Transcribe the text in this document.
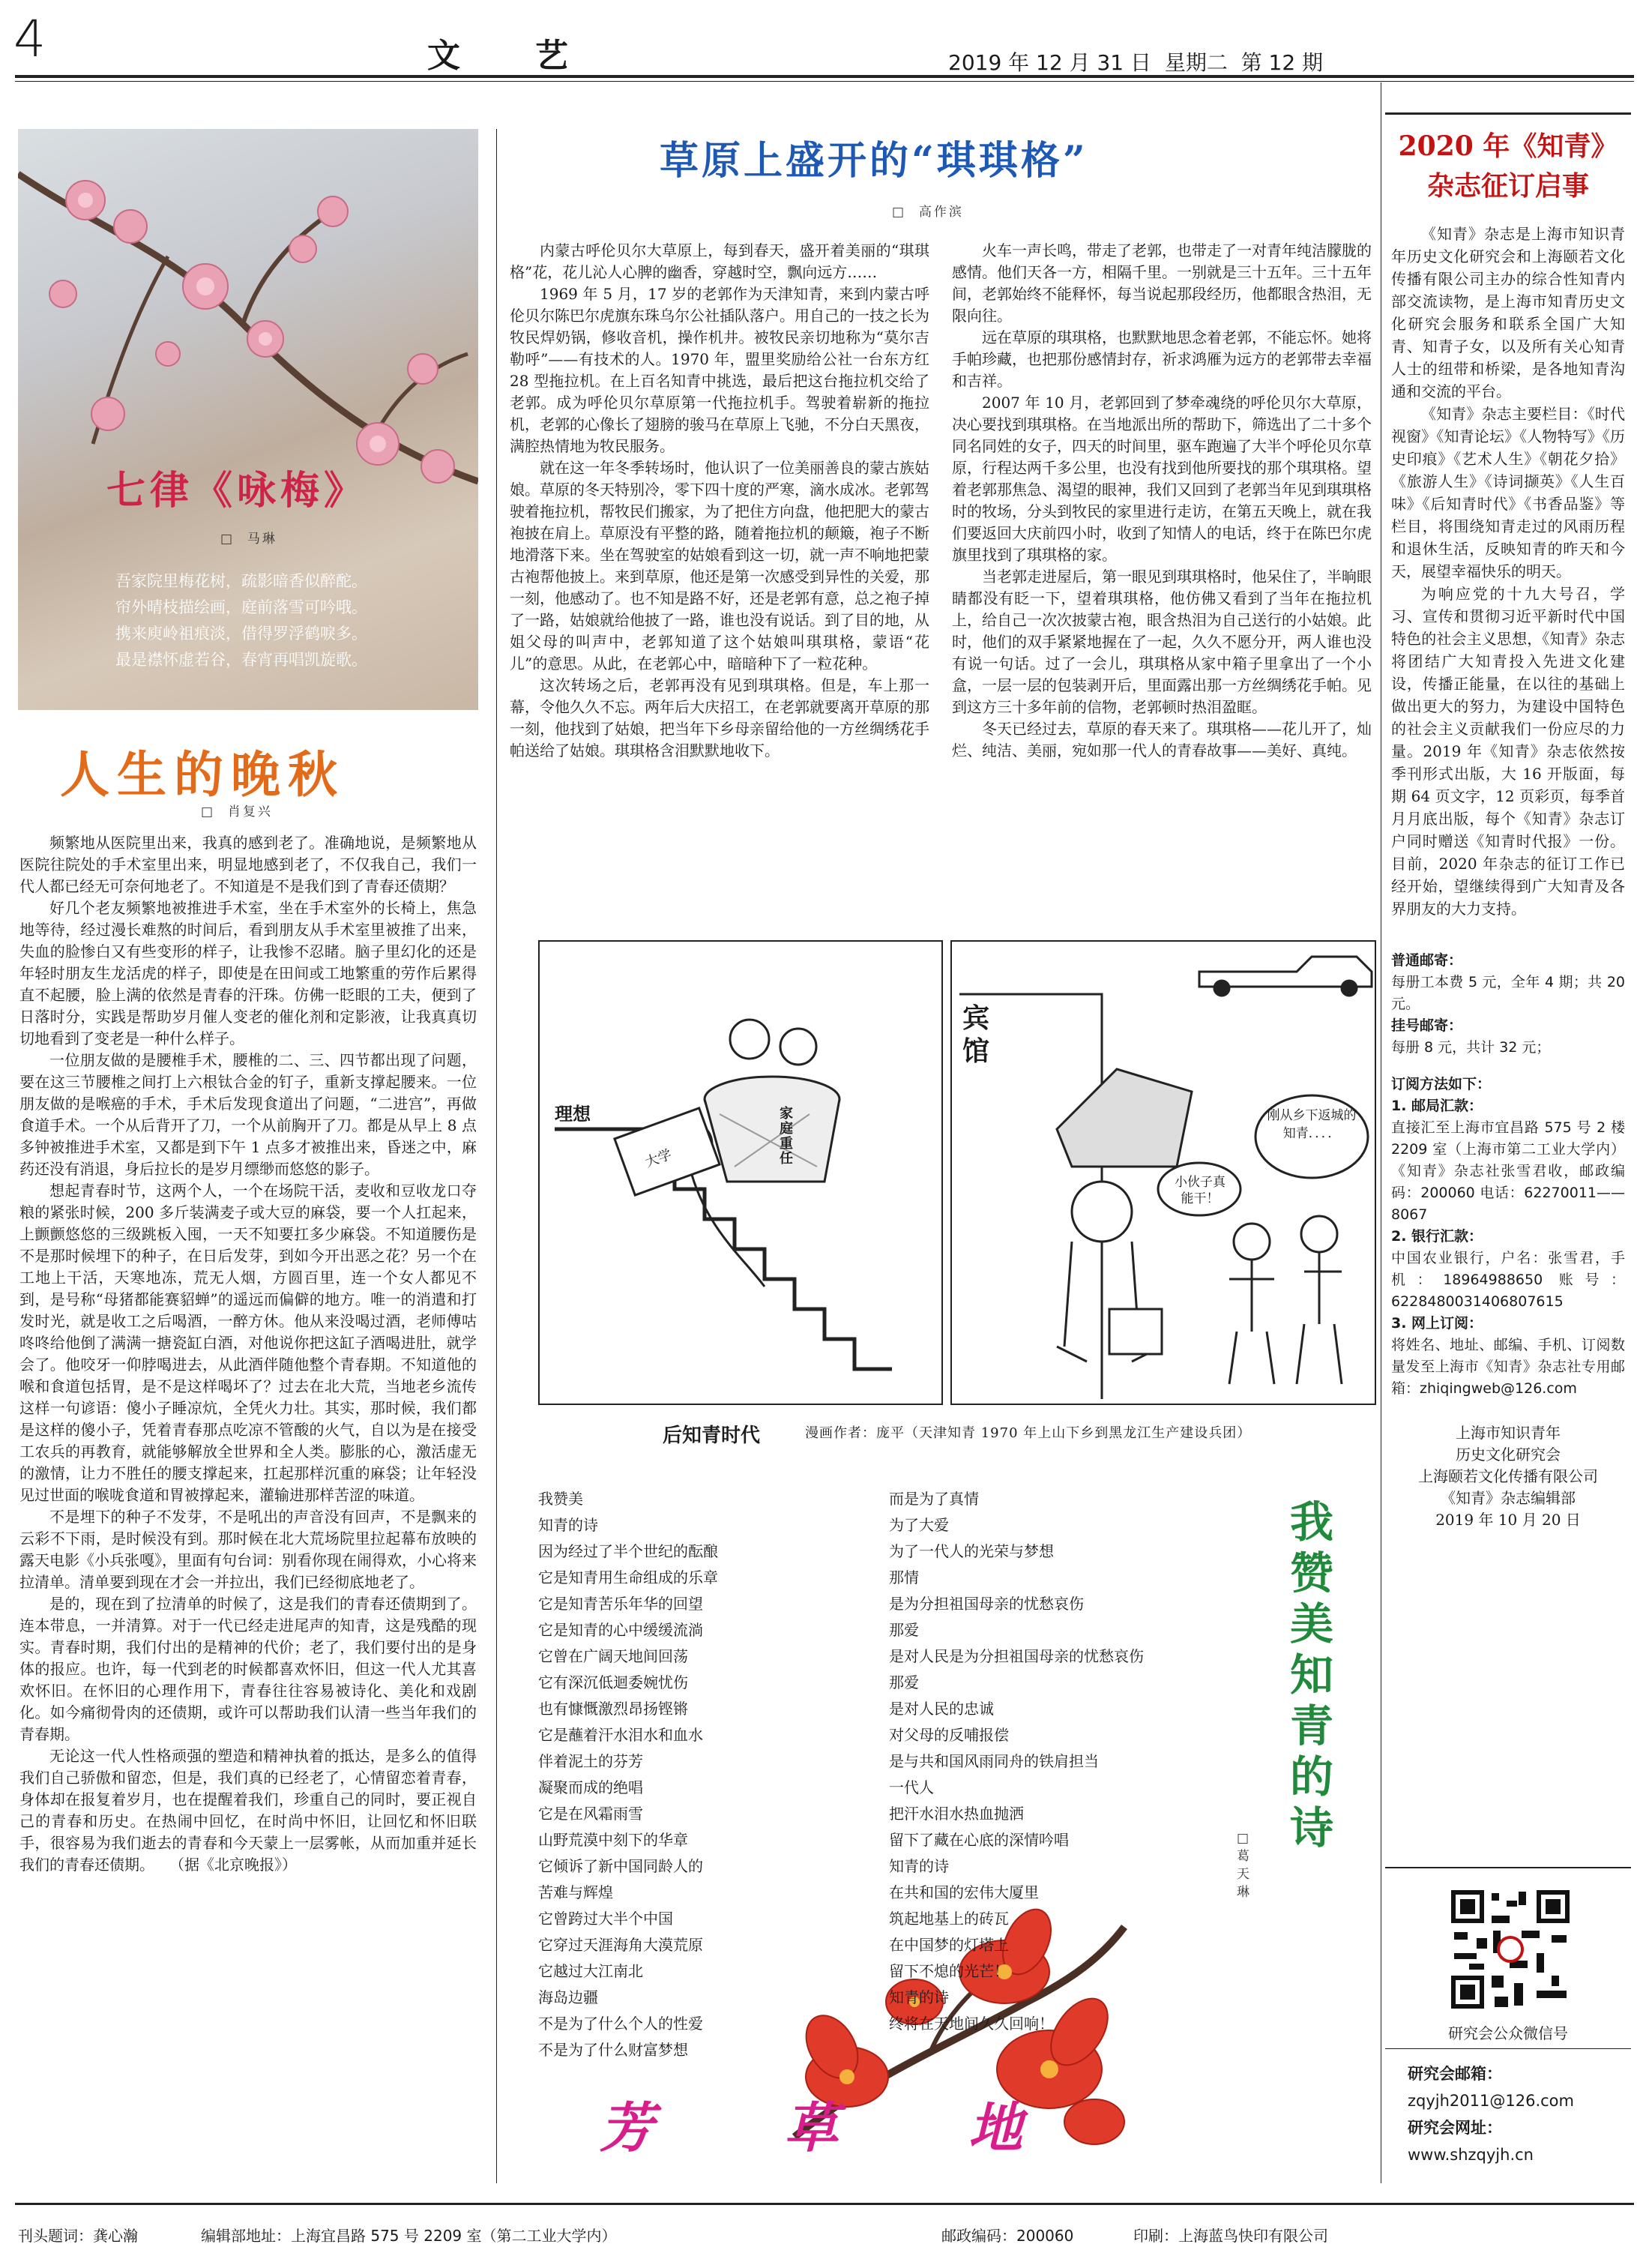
4	文　　艺	2019 年 12 月 31 日  星期二  第 12 期
七律《咏梅》
□  马琳
吾家院里梅花树，疏影暗香似醉酡。
帘外晴枝描绘画，庭前落雪可吟哦。
携来庾岭祖痕淡，借得罗浮鹤唳多。
最是襟怀虚若谷，春宵再唱凯旋歌。
人生的晚秋
□  肖复兴

频繁地从医院里出来，我真的感到老了。准确地说，是频繁地从医院往院处的手术室里出来，明显地感到老了，不仅我自己，我们一代人都已经无可奈何地老了。不知道是不是我们到了青春还债期？

好几个老友频繁地被推进手术室，坐在手术室外的长椅上，焦急地等待，经过漫长难熬的时间后，看到朋友从手术室里被推了出来，失血的脸惨白又有些变形的样子，让我惨不忍睹。脑子里幻化的还是年轻时朋友生龙活虎的样子，即使是在田间或工地繁重的劳作后累得直不起腰，脸上满的依然是青春的汗珠。仿佛一眨眼的工夫，便到了日落时分，实践是帮助岁月催人变老的催化剂和定影液，让我真真切切地看到了变老是一种什么样子。

一位朋友做的是腰椎手术，腰椎的二、三、四节都出现了问题，要在这三节腰椎之间打上六根钛合金的钉子，重新支撑起腰来。一位朋友做的是喉癌的手术，手术后发现食道出了问题，“二进宫”，再做食道手术。一个从后背开了刀，一个从前胸开了刀。都是从早上 8 点多钟被推进手术室，又都是到下午 1 点多才被推出来，昏迷之中，麻药还没有消退，身后拉长的是岁月缥缈而悠悠的影子。

想起青春时节，这两个人，一个在场院干活，麦收和豆收龙口夺粮的紧张时候，200 多斤装满麦子或大豆的麻袋，要一个人扛起来，上颤颤悠悠的三级跳板入囤，一天不知要扛多少麻袋。不知道腰伤是不是那时候埋下的种子，在日后发芽，到如今开出恶之花？另一个在工地上干活，天寒地冻，荒无人烟，方圆百里，连一个女人都见不到，是号称“母猪都能赛貂蝉”的遥远而偏僻的地方。唯一的消遣和打发时光，就是收工之后喝酒，一醉方休。他从来没喝过酒，老师傅咕咚咚给他倒了满满一搪瓷缸白酒，对他说你把这缸子酒喝进肚，就学会了。他咬牙一仰脖喝进去，从此酒伴随他整个青春期。不知道他的喉和食道包括胃，是不是这样喝坏了？过去在北大荒，当地老乡流传这样一句谚语：傻小子睡凉炕，全凭火力壮。其实，那时候，我们都是这样的傻小子，凭着青春那点吃凉不管酸的火气，自以为是在接受工农兵的再教育，就能够解放全世界和全人类。膨胀的心，激活虚无的激情，让力不胜任的腰支撑起来，扛起那样沉重的麻袋；让年轻没见过世面的喉咙食道和胃被撑起来，灌输进那样苦涩的味道。

不是埋下的种子不发芽，不是吼出的声音没有回声，不是飘来的云彩不下雨，是时候没有到。那时候在北大荒场院里拉起幕布放映的露天电影《小兵张嘎》，里面有句台词：别看你现在闹得欢，小心将来拉清单。清单要到现在才会一并拉出，我们已经彻底地老了。

是的，现在到了拉清单的时候了，这是我们的青春还债期到了。连本带息，一并清算。对于一代已经走进尾声的知青，这是残酷的现实。青春时期，我们付出的是精神的代价；老了，我们要付出的是身体的报应。也许，每一代到老的时候都喜欢怀旧，但这一代人尤其喜欢怀旧。在怀旧的心理作用下，青春往往容易被诗化、美化和戏剧化。如今痛彻骨肉的还债期，或许可以帮助我们认清一些当年我们的青春期。

无论这一代人性格顽强的塑造和精神执着的抵达，是多么的值得我们自己骄傲和留恋，但是，我们真的已经老了，心情留恋着青春，身体却在报复着岁月，也在提醒着我们，珍重自己的同时，要正视自己的青春和历史。在热闹中回忆，在时尚中怀旧，让回忆和怀旧联手，很容易为我们逝去的青春和今天蒙上一层雾帐，从而加重并延长我们的青春还债期。　　（据《北京晚报》）

草原上盛开的“琪琪格”
□  高作滨

内蒙古呼伦贝尔大草原上，每到春天，盛开着美丽的“琪琪格”花，花儿沁人心脾的幽香，穿越时空，飘向远方……

1969 年 5 月，17 岁的老郭作为天津知青，来到内蒙古呼伦贝尔陈巴尔虎旗东珠乌尔公社插队落户。用自己的一技之长为牧民焊奶锅，修收音机，操作机井。被牧民亲切地称为“莫尔吉勒呼”——有技术的人。1970 年，盟里奖励给公社一台东方红 28 型拖拉机。在上百名知青中挑选，最后把这台拖拉机交给了老郭。成为呼伦贝尔草原第一代拖拉机手。驾驶着崭新的拖拉机，老郭的心像长了翅膀的骏马在草原上飞驰，不分白天黑夜，满腔热情地为牧民服务。

就在这一年冬季转场时，他认识了一位美丽善良的蒙古族姑娘。草原的冬天特别冷，零下四十度的严寒，滴水成冰。老郭驾驶着拖拉机，帮牧民们搬家，为了把住方向盘，他把肥大的蒙古袍披在肩上。草原没有平整的路，随着拖拉机的颠簸，袍子不断地滑落下来。坐在驾驶室的姑娘看到这一切，就一声不响地把蒙古袍帮他披上。来到草原，他还是第一次感受到异性的关爱，那一刻，他感动了。也不知是路不好，还是老郭有意，总之袍子掉了一路，姑娘就给他披了一路，谁也没有说话。到了目的地，从姐父母的叫声中，老郭知道了这个姑娘叫琪琪格，蒙语“花儿”的意思。从此，在老郭心中，暗暗种下了一粒花种。

这次转场之后，老郭再没有见到琪琪格。但是，车上那一幕，令他久久不忘。两年后大庆招工，在老郭就要离开草原的那一刻，他找到了姑娘，把当年下乡母亲留给他的一方丝绸绣花手帕送给了姑娘。琪琪格含泪默默地收下。

火车一声长鸣，带走了老郭，也带走了一对青年纯洁朦胧的感情。他们天各一方，相隔千里。一别就是三十五年。三十五年间，老郭始终不能释怀，每当说起那段经历，他都眼含热泪，无限向往。

远在草原的琪琪格，也默默地思念着老郭，不能忘怀。她将手帕珍藏，也把那份感情封存，祈求鸿雁为远方的老郭带去幸福和吉祥。

2007 年 10 月，老郭回到了梦牵魂绕的呼伦贝尔大草原，决心要找到琪琪格。在当地派出所的帮助下，筛选出了二十多个同名同姓的女子，四天的时间里，驱车跑遍了大半个呼伦贝尔草原，行程达两千多公里，也没有找到他所要找的那个琪琪格。望着老郭那焦急、渴望的眼神，我们又回到了老郭当年见到琪琪格时的牧场，分头到牧民的家里进行走访，在第五天晚上，就在我们要返回大庆前四小时，收到了知情人的电话，终于在陈巴尔虎旗里找到了琪琪格的家。

当老郭走进屋后，第一眼见到琪琪格时，他呆住了，半晌眼睛都没有眨一下，望着琪琪格，他仿佛又看到了当年在拖拉机上，给自己一次次披蒙古袍，眼含热泪为自己送行的小姑娘。此时，他们的双手紧紧地握在了一起，久久不愿分开，两人谁也没有说一句话。过了一会儿，琪琪格从家中箱子里拿出了一个小盒，一层一层的包装剥开后，里面露出那一方丝绸绣花手帕。见到这方三十多年前的信物，老郭顿时热泪盈眶。

冬天已经过去，草原的春天来了。琪琪格——花儿开了，灿烂、纯洁、美丽，宛如那一代人的青春故事——美好、真纯。

理想
大学
家庭重任
宾馆
小伙子真能干！
刚从乡下返城的知青．．．．
后知青时代	漫画作者：庞平（天津知青 1970 年上山下乡到黑龙江生产建设兵团）
我赞美
知青的诗
因为经过了半个世纪的酝酿
它是知青用生命组成的乐章
它是知青苦乐年华的回望
它是知青的心中缓缓流淌
它曾在广阔天地间回荡
它有深沉低迴委婉忧伤
也有慷慨激烈昂扬铿锵
它是蘸着汗水泪水和血水
伴着泥土的芬芳
凝聚而成的绝唱
它是在风霜雨雪
山野荒漠中刻下的华章
它倾诉了新中国同龄人的
苦难与辉煌
它曾跨过大半个中国
它穿过天涯海角大漠荒原
它越过大江南北
海岛边疆
不是为了什么个人的性爱
不是为了什么财富梦想
而是为了真情
为了大爱
为了一代人的光荣与梦想
那情
是为分担祖国母亲的忧愁哀伤
那爱
是对人民是为分担祖国母亲的忧愁哀伤
那爱
是对人民的忠诚
对父母的反哺报偿
是与共和国风雨同舟的铁肩担当
一代人
把汗水泪水热血抛洒
留下了藏在心底的深情吟唱
知青的诗
在共和国的宏伟大厦里
筑起地基上的砖瓦
在中国梦的灯塔上
留下不熄的光芒！
知青的诗
终将在天地间久久回响！
我赞美知青的诗
□ 葛天琳
芳　　草　　地
2020 年《知青》
杂志征订启事

《知青》杂志是上海市知识青年历史文化研究会和上海颐若文化传播有限公司主办的综合性知青内部交流读物，是上海市知青历史文化研究会服务和联系全国广大知青、知青子女，以及所有关心知青人士的纽带和桥梁，是各地知青沟通和交流的平台。

《知青》杂志主要栏目：《时代视窗》《知青论坛》《人物特写》《历史印痕》《艺术人生》《朝花夕拾》《旅游人生》《诗词撷英》《人生百味》《后知青时代》《书香品鉴》等栏目，将围绕知青走过的风雨历程和退休生活，反映知青的昨天和今天，展望幸福快乐的明天。

为响应党的十九大号召，学习、宣传和贯彻习近平新时代中国特色的社会主义思想，《知青》杂志将团结广大知青投入先进文化建设，传播正能量，在以往的基础上做出更大的努力，为建设中国特色的社会主义贡献我们一份应尽的力量。2019 年《知青》杂志依然按季刊形式出版，大 16 开版面，每期 64 页文字，12 页彩页，每季首月月底出版，每个《知青》杂志订户同时赠送《知青时代报》一份。目前，2020 年杂志的征订工作已经开始，望继续得到广大知青及各界朋友的大力支持。

普通邮寄：
每册工本费 5 元，全年 4 期；共 20 元。
挂号邮寄：
每册 8 元，共计 32 元；
订阅方法如下：
1. 邮局汇款：
直接汇至上海市宜昌路 575 号 2 楼 2209 室（上海市第二工业大学内）《知青》杂志社张雪君收，邮政编码：200060 电话：62270011——8067
2. 银行汇款：
中国农业银行，户名：张雪君，手机：18964988650 账号：6228480031406807615
3. 网上订阅：
将姓名、地址、邮编、手机、订阅数量发至上海市《知青》杂志社专用邮箱：zhiqingweb@126.com
上海市知识青年
历史文化研究会
上海颐若文化传播有限公司
《知青》杂志编辑部
2019 年 10 月 20 日
研究会公众微信号
研究会邮箱：
zqyjh2011@126.com
研究会网址：
www.shzqyjh.cn
刊头题词：龚心瀚	编辑部地址：上海宜昌路 575 号 2209 室（第二工业大学内）	邮政编码：200060	印刷：上海蓝鸟快印有限公司
